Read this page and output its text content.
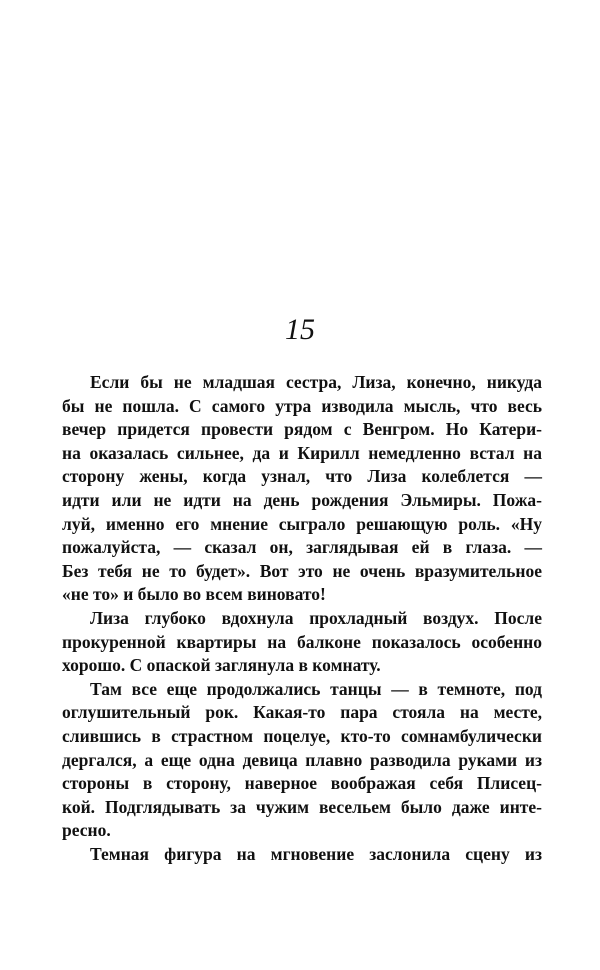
15
Если бы не младшая сестра, Лиза, конечно, никуда
бы не пошла. С самого утра изводила мысль, что весь
вечер придется провести рядом с Венгром. Но Катери-
на оказалась сильнее, да и Кирилл немедленно встал на
сторону жены, когда узнал, что Лиза колеблется —
идти или не идти на день рождения Эльмиры. Пожа-
луй, именно его мнение сыграло решающую роль. «Ну
пожалуйста, — сказал он, заглядывая ей в глаза. —
Без тебя не то будет». Вот это не очень вразумительное
«не то» и было во всем виновато!
Лиза глубоко вдохнула прохладный воздух. После
прокуренной квартиры на балконе показалось особенно
хорошо. С опаской заглянула в комнату.
Там все еще продолжались танцы — в темноте, под
оглушительный рок. Какая-то пара стояла на месте,
слившись в страстном поцелуе, кто-то сомнамбулически
дергался, а еще одна девица плавно разводила руками из
стороны в сторону, наверное воображая себя Плисец-
кой. Подглядывать за чужим весельем было даже инте-
ресно.
Темная фигура на мгновение заслонила сцену из
